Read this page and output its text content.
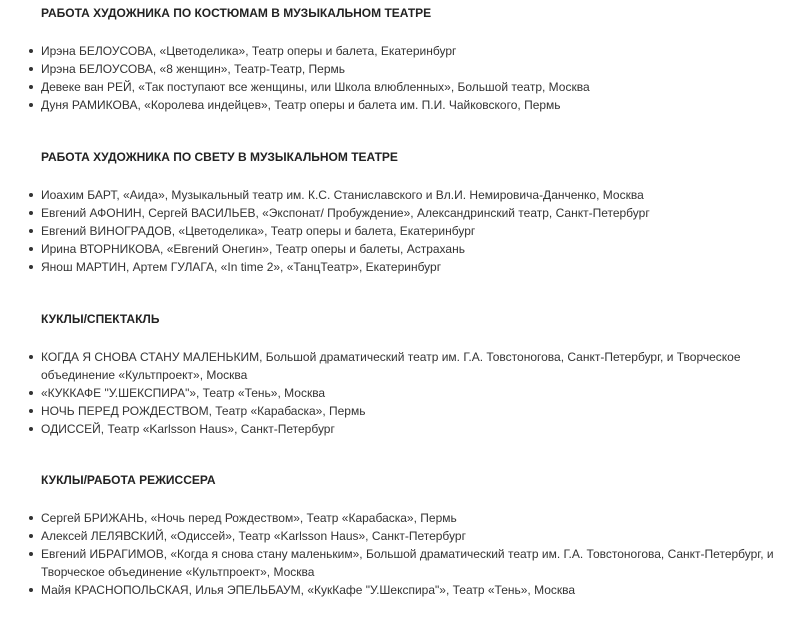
РАБОТА ХУДОЖНИКА ПО КОСТЮМАМ В МУЗЫКАЛЬНОМ ТЕАТРЕ
Ирэна БЕЛОУСОВА, «Цветоделика», Театр оперы и балета, Екатеринбург
Ирэна БЕЛОУСОВА, «8 женщин», Театр-Театр, Пермь
Девеке ван РЕЙ, «Так поступают все женщины, или Школа влюбленных», Большой театр, Москва
Дуня РАМИКОВА, «Королева индейцев», Театр оперы и балета им. П.И. Чайковского, Пермь
РАБОТА ХУДОЖНИКА ПО СВЕТУ В МУЗЫКАЛЬНОМ ТЕАТРЕ
Иоахим БАРТ, «Аида», Музыкальный театр им. К.С. Станиславского и Вл.И. Немировича-Данченко, Москва
Евгений АФОНИН, Сергей ВАСИЛЬЕВ, «Экспонат/ Пробуждение», Александринский театр, Санкт-Петербург
Евгений ВИНОГРАДОВ, «Цветоделика», Театр оперы и балета, Екатеринбург
Ирина ВТОРНИКОВА, «Евгений Онегин», Театр оперы и балеты, Астрахань
Янош МАРТИН, Артем ГУЛАГА, «In time 2», «ТанцТеатр», Екатеринбург
КУКЛЫ/СПЕКТАКЛЬ
КОГДА Я СНОВА СТАНУ МАЛЕНЬКИМ, Большой драматический театр им. Г.А. Товстоногова, Санкт-Петербург, и Творческое объединение «Культпроект», Москва
«КУККАФЕ "У.ШЕКСПИРА"», Театр «Тень», Москва
НОЧЬ ПЕРЕД РОЖДЕСТВОМ, Театр «Карабаска», Пермь
ОДИССЕЙ, Театр «Karlsson Haus», Санкт-Петербург
КУКЛЫ/РАБОТА РЕЖИССЕРА
Сергей БРИЖАНЬ, «Ночь перед Рождеством», Театр «Карабаска», Пермь
Алексей ЛЕЛЯВСКИЙ, «Одиссей», Театр «Karlsson Haus», Санкт-Петербург
Евгений ИБРАГИМОВ, «Когда я снова стану маленьким», Большой драматический театр им. Г.А. Товстоногова, Санкт-Петербург, и Творческое объединение «Культпроект», Москва
Майя КРАСНОПОЛЬСКАЯ, Илья ЭПЕЛЬБАУМ, «КукКафе "У.Шекспира"», Театр «Тень», Москва
